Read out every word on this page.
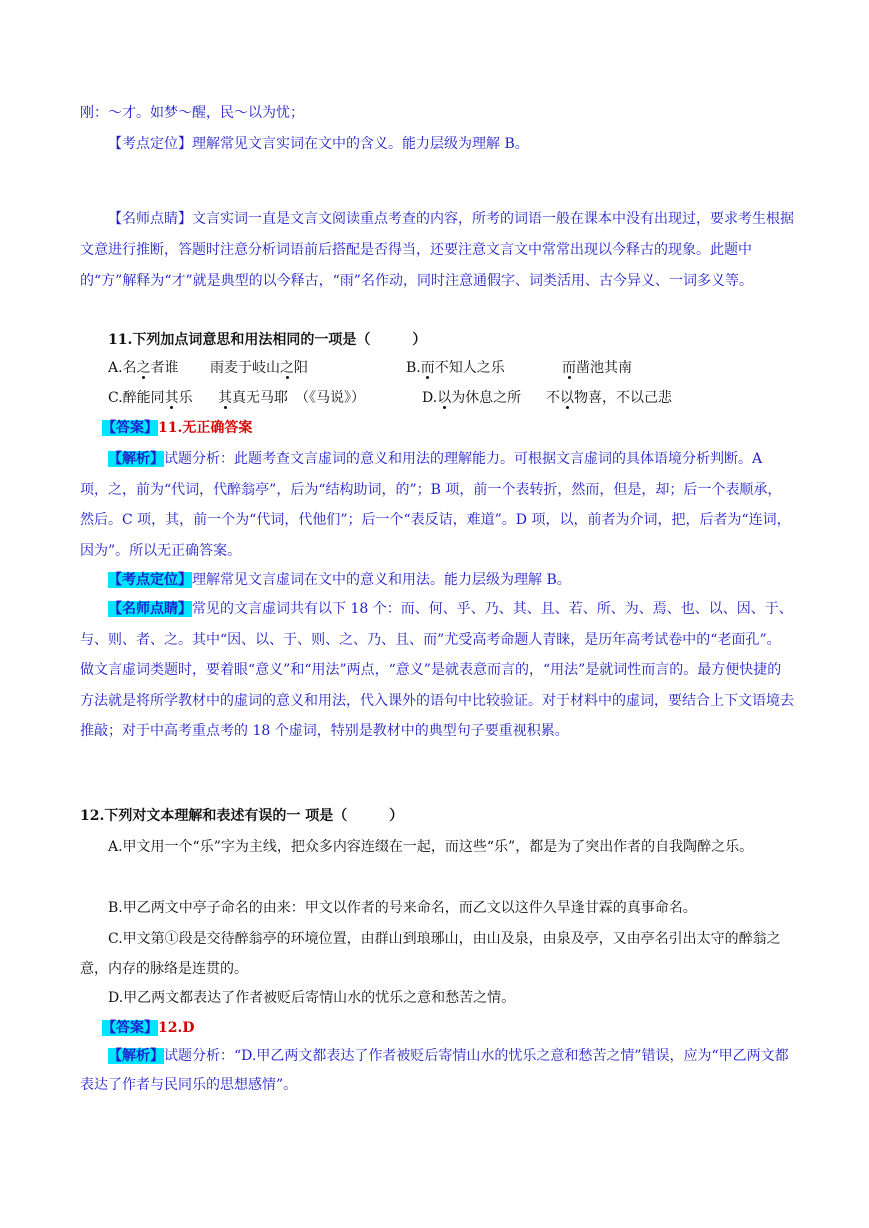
刚：～才。如梦～醒，民～以为忧；

【考点定位】理解常见文言实词在文中的含义。能力层级为理解 B。

【名师点睛】文言实词一直是文言文阅读重点考查的内容，所考的词语一般在课本中没有出现过，要求考生根据文意进行推断，答题时注意分析词语前后搭配是否得当，还要注意文言文中常常出现以今释古的现象。此题中的“方”解释为“才”就是典型的以今释古，“雨”名作动，同时注意通假字、词类活用、古今异义、一词多义等。

11.下列加点词意思和用法相同的一项是（　　　）

A.名之者谁 雨麦于岐山之阳	B.而不知人之乐	而凿池其南
C.醉能同其乐 其真无马耶　（《马说》）	D.以为休息之所 不以物喜，不以己悲

【答案】11.无正确答案

【解析】试题分析：此题考查文言虚词的意义和用法的理解能力。可根据文言虚词的具体语境分析判断。A 项，之，前为“代词，代醉翁亭”，后为“结构助词，的”；B 项，前一个表转折，然而，但是，却；后一个表顺承，然后。C 项，其，前一个为“代词，代他们”；后一个“表反诘，难道”。D 项，以，前者为介词，把，后者为“连词，因为”。所以无正确答案。

【考点定位】理解常见文言虚词在文中的意义和用法。能力层级为理解 B。

【名师点睛】常见的文言虚词共有以下 18 个：而、何、乎、乃、其、且、若、所、为、焉、也、以、因、于、与、则、者、之。其中“因、以、于、则、之、乃、且、而”尤受高考命题人青睐，是历年高考试卷中的“老面孔”。做文言虚词类题时，要着眼“意义”和“用法”两点，“意义”是就表意而言的，“用法”是就词性而言的。最方便快捷的方法就是将所学教材中的虚词的意义和用法，代入课外的语句中比较验证。对于材料中的虚词，要结合上下文语境去推敲；对于中高考重点考的 18 个虚词，特别是教材中的典型句子要重视积累。

12.下列对文本理解和表述有误的一 项是（　　　）

A.甲文用一个“乐”字为主线，把众多内容连缀在一起，而这些“乐”，都是为了突出作者的自我陶醉之乐。

B.甲乙两文中亭子命名的由来：甲文以作者的号来命名，而乙文以这件久旱逢甘霖的真事命名。

C.甲文第①段是交待醉翁亭的环境位置，由群山到琅琊山，由山及泉，由泉及亭，又由亭名引出太守的醉翁之意，内存的脉络是连贯的。

D.甲乙两文都表达了作者被贬后寄情山水的忧乐之意和愁苦之情。

【答案】12.D

【解析】试题分析：“D.甲乙两文都表达了作者被贬后寄情山水的忧乐之意和愁苦之情”错误，应为“甲乙两文都表达了作者与民同乐的思想感情”。
